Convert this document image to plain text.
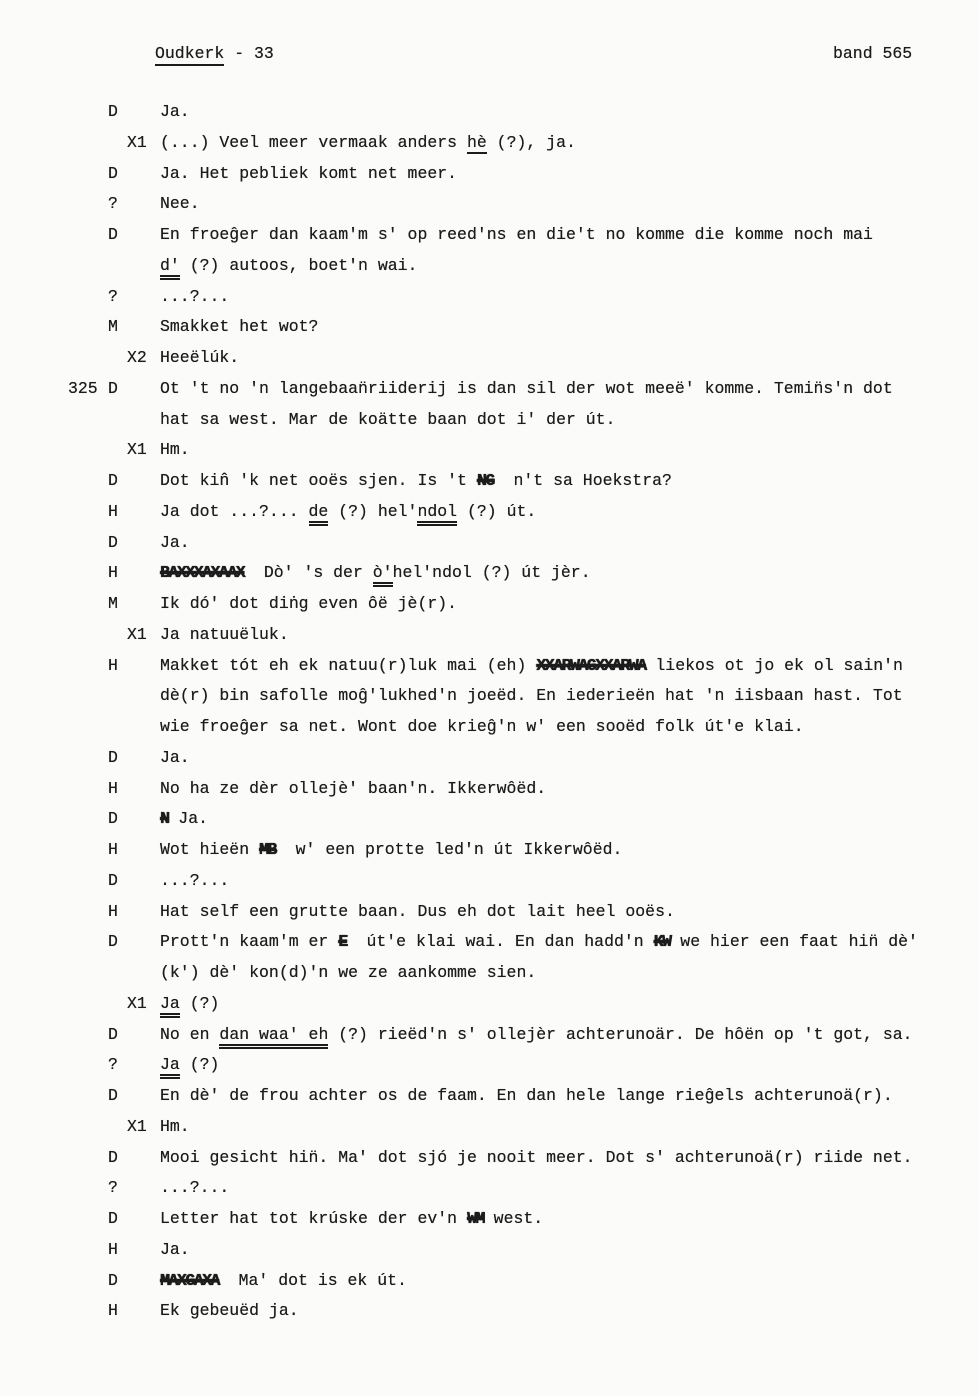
Oudkerk - 33	band 565
D	Ja.
X1 (...) Veel meer vermaak anders hè (?), ja.
D	Ja. Het pebliek komt net meer.
?	Nee.
D	En froeĝer dan kaam'm s' op reed'ns en die't no komme die komme noch mai
d' (?) autoos, boet'n wai.
?	...?...
M	Smakket het wot?
X2 Heeëlúk.
325 D	Ot 't no 'n langebaan̈riiderij is dan sil der wot meeë' komme. Temin̈s'n dot
hat sa west. Mar de koätte baan dot i' der út.
X1 Hm.
D	Dot kin̂ 'k net ooës sjen. Is 't NG  n't sa Hoekstra?
H	Ja dot ...?... de (?) hel'ndol (?) út.
D	Ja.
H	BAXXXAXAAX  Dò' 's der ò'hel'ndol (?) út jèr.
M	Ik dó' dot diṅg even ôë jè(r).
X1 Ja natuuëluk.
H	Makket tót eh ek natuu(r)luk mai (eh) XXARWAGXXARWA liekos ot jo ek ol sain'n
dè(r) bin safolle moĝ'lukhed'n joeëd. En iederieën hat 'n iisbaan hast. Tot
wie froeĝer sa net. Wont doe krieĝ'n w' een sooëd folk út'e klai.
D	Ja.
H	No ha ze dèr ollejè' baan'n. Ikkerwôëd.
D	N Ja.
H	Wot hieën MB  w' een protte led'n út Ikkerwôëd.
D	...?...
H	Hat self een grutte baan. Dus eh dot lait heel ooës.
D	Prott'n kaam'm er E  út'e klai wai. En dan hadd'n KW we hier een faat hin̈ dè'
(k') dè' kon(d)'n we ze aankomme sien.
X1 Ja (?)
D	No en dan waa' eh (?) rieëd'n s' ollejèr achterunoär. De hôën op 't got, sa.
?	Ja (?)
D	En dè' de frou achter os de faam. En dan hele lange rieĝels achterunoä(r).
X1 Hm.
D	Mooi gesicht hin̈. Ma' dot sjó je nooit meer. Dot s' achterunoä(r) riide net.
?	...?...
D	Letter hat tot krúske der ev'n WM west.
H	Ja.
D	MAXGAXA  Ma' dot is ek út.
H	Ek gebeuëd ja.
